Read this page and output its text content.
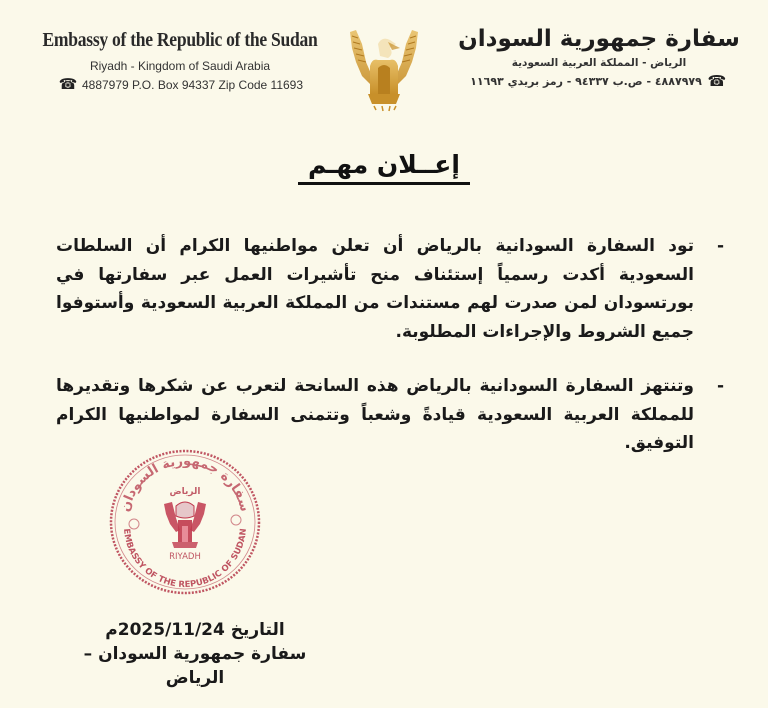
Embassy of the Republic of the Sudan
Riyadh - Kingdom of Saudi Arabia
☎ 4887979 P.O. Box 94337 Zip Code 11693
سفارة جمهورية السودان
الرياض - المملكة العربية السعودية
☎
٤٨٨٧٩٧٩ - ص.ب ٩٤٣٣٧ - رمز بريدي ١١٦٩٣
إعــلان مهـم
-
تود السفارة السودانية بالرياض أن تعلن مواطنيها الكرام أن السلطات السعودية أكدت رسمياً إستئناف منح تأشيرات العمل عبر سفارتها في بورتسودان لمن صدرت لهم مستندات من المملكة العربية السعودية وأستوفوا جميع الشروط والإجراءات المطلوبة.
-
وتنتهز السفارة السودانية بالرياض هذه السانحة لتعرب عن شكرها وتقديرها للمملكة العربية السعودية قيادةً وشعباً وتتمنى السفارة لمواطنيها الكرام التوفيق.
سفارة جمهورية السودان
الرياض
RIYADH
EMBASSY OF THE REPUBLIC OF SUDAN
التاريخ 2025/11/24م
سفارة جمهورية السودان – الرياض
